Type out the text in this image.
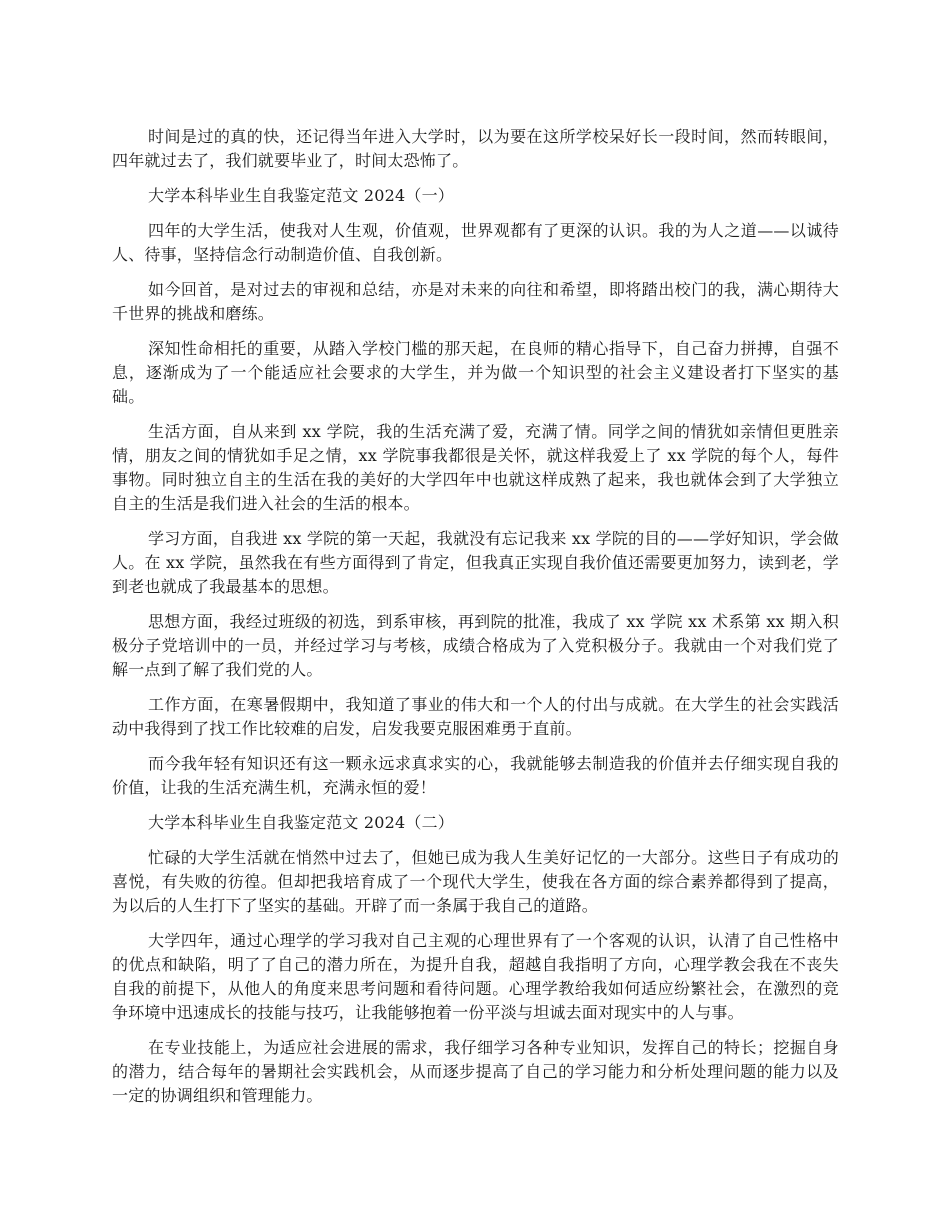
时间是过的真的快，还记得当年进入大学时，以为要在这所学校呆好长一段时间，然而转眼间，四年就过去了，我们就要毕业了，时间太恐怖了。

大学本科毕业生自我鉴定范文 2024（一）

四年的大学生活，使我对人生观，价值观，世界观都有了更深的认识。我的为人之道——以诚待人、待事，坚持信念行动制造价值、自我创新。

如今回首，是对过去的审视和总结，亦是对未来的向往和希望，即将踏出校门的我，满心期待大千世界的挑战和磨练。

深知性命相托的重要，从踏入学校门槛的那天起，在良师的精心指导下，自己奋力拼搏，自强不息，逐渐成为了一个能适应社会要求的大学生，并为做一个知识型的社会主义建设者打下坚实的基础。

生活方面，自从来到 xx 学院，我的生活充满了爱，充满了情。同学之间的情犹如亲情但更胜亲情，朋友之间的情犹如手足之情，xx 学院事我都很是关怀，就这样我爱上了 xx 学院的每个人，每件事物。同时独立自主的生活在我的美好的大学四年中也就这样成熟了起来，我也就体会到了大学独立自主的生活是我们进入社会的生活的根本。

学习方面，自我进 xx 学院的第一天起，我就没有忘记我来 xx 学院的目的——学好知识，学会做人。在 xx 学院，虽然我在有些方面得到了肯定，但我真正实现自我价值还需要更加努力，读到老，学到老也就成了我最基本的思想。

思想方面，我经过班级的初选，到系审核，再到院的批准，我成了 xx 学院 xx 术系第 xx 期入积极分子党培训中的一员，并经过学习与考核，成绩合格成为了入党积极分子。我就由一个对我们党了解一点到了解了我们党的人。

工作方面，在寒暑假期中，我知道了事业的伟大和一个人的付出与成就。在大学生的社会实践活动中我得到了找工作比较难的启发，启发我要克服困难勇于直前。

而今我年轻有知识还有这一颗永远求真求实的心，我就能够去制造我的价值并去仔细实现自我的价值，让我的生活充满生机，充满永恒的爱！

大学本科毕业生自我鉴定范文 2024（二）

忙碌的大学生活就在悄然中过去了，但她已成为我人生美好记忆的一大部分。这些日子有成功的喜悦，有失败的彷徨。但却把我培育成了一个现代大学生，使我在各方面的综合素养都得到了提高，为以后的人生打下了坚实的基础。开辟了而一条属于我自己的道路。

大学四年，通过心理学的学习我对自己主观的心理世界有了一个客观的认识，认清了自己性格中的优点和缺陷，明了了自己的潜力所在，为提升自我，超越自我指明了方向，心理学教会我在不丧失自我的前提下，从他人的角度来思考问题和看待问题。心理学教给我如何适应纷繁社会，在激烈的竞争环境中迅速成长的技能与技巧，让我能够抱着一份平淡与坦诚去面对现实中的人与事。

在专业技能上，为适应社会进展的需求，我仔细学习各种专业知识，发挥自己的特长；挖掘自身的潜力，结合每年的暑期社会实践机会，从而逐步提高了自己的学习能力和分析处理问题的能力以及一定的协调组织和管理能力。
